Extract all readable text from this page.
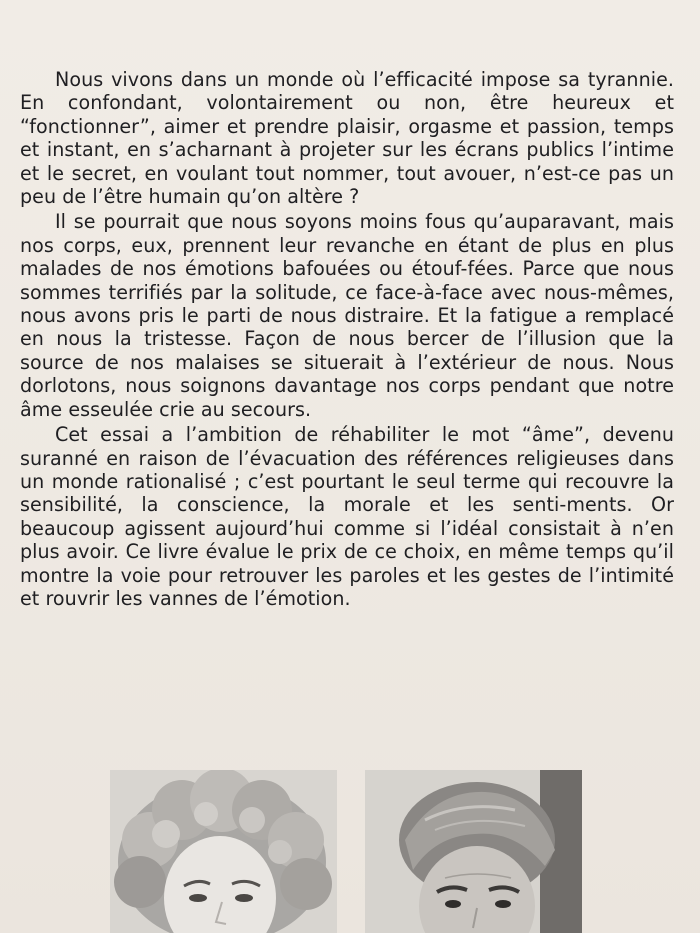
Nous vivons dans un monde où l’efficacité impose sa tyrannie. En confondant, volontairement ou non, être heureux et “fonctionner”, aimer et prendre plaisir, orgasme et passion, temps et instant, en s’acharnant à projeter sur les écrans publics l’intime et le secret, en voulant tout nommer, tout avouer, n’est-ce pas un peu de l’être humain qu’on altère ?

Il se pourrait que nous soyons moins fous qu’auparavant, mais nos corps, eux, prennent leur revanche en étant de plus en plus malades de nos émotions bafouées ou étouf-fées. Parce que nous sommes terrifiés par la solitude, ce face-à-face avec nous-mêmes, nous avons pris le parti de nous distraire. Et la fatigue a remplacé en nous la tristesse. Façon de nous bercer de l’illusion que la source de nos malaises se situerait à l’extérieur de nous. Nous dorlotons, nous soignons davantage nos corps pendant que notre âme esseulée crie au secours.

Cet essai a l’ambition de réhabiliter le mot “âme”, devenu suranné en raison de l’évacuation des références religieuses dans un monde rationalisé ; c’est pourtant le seul terme qui recouvre la sensibilité, la conscience, la morale et les senti-ments. Or beaucoup agissent aujourd’hui comme si l’idéal consistait à n’en plus avoir. Ce livre évalue le prix de ce choix, en même temps qu’il montre la voie pour retrouver les paroles et les gestes de l’intimité et rouvrir les vannes de l’émotion.
